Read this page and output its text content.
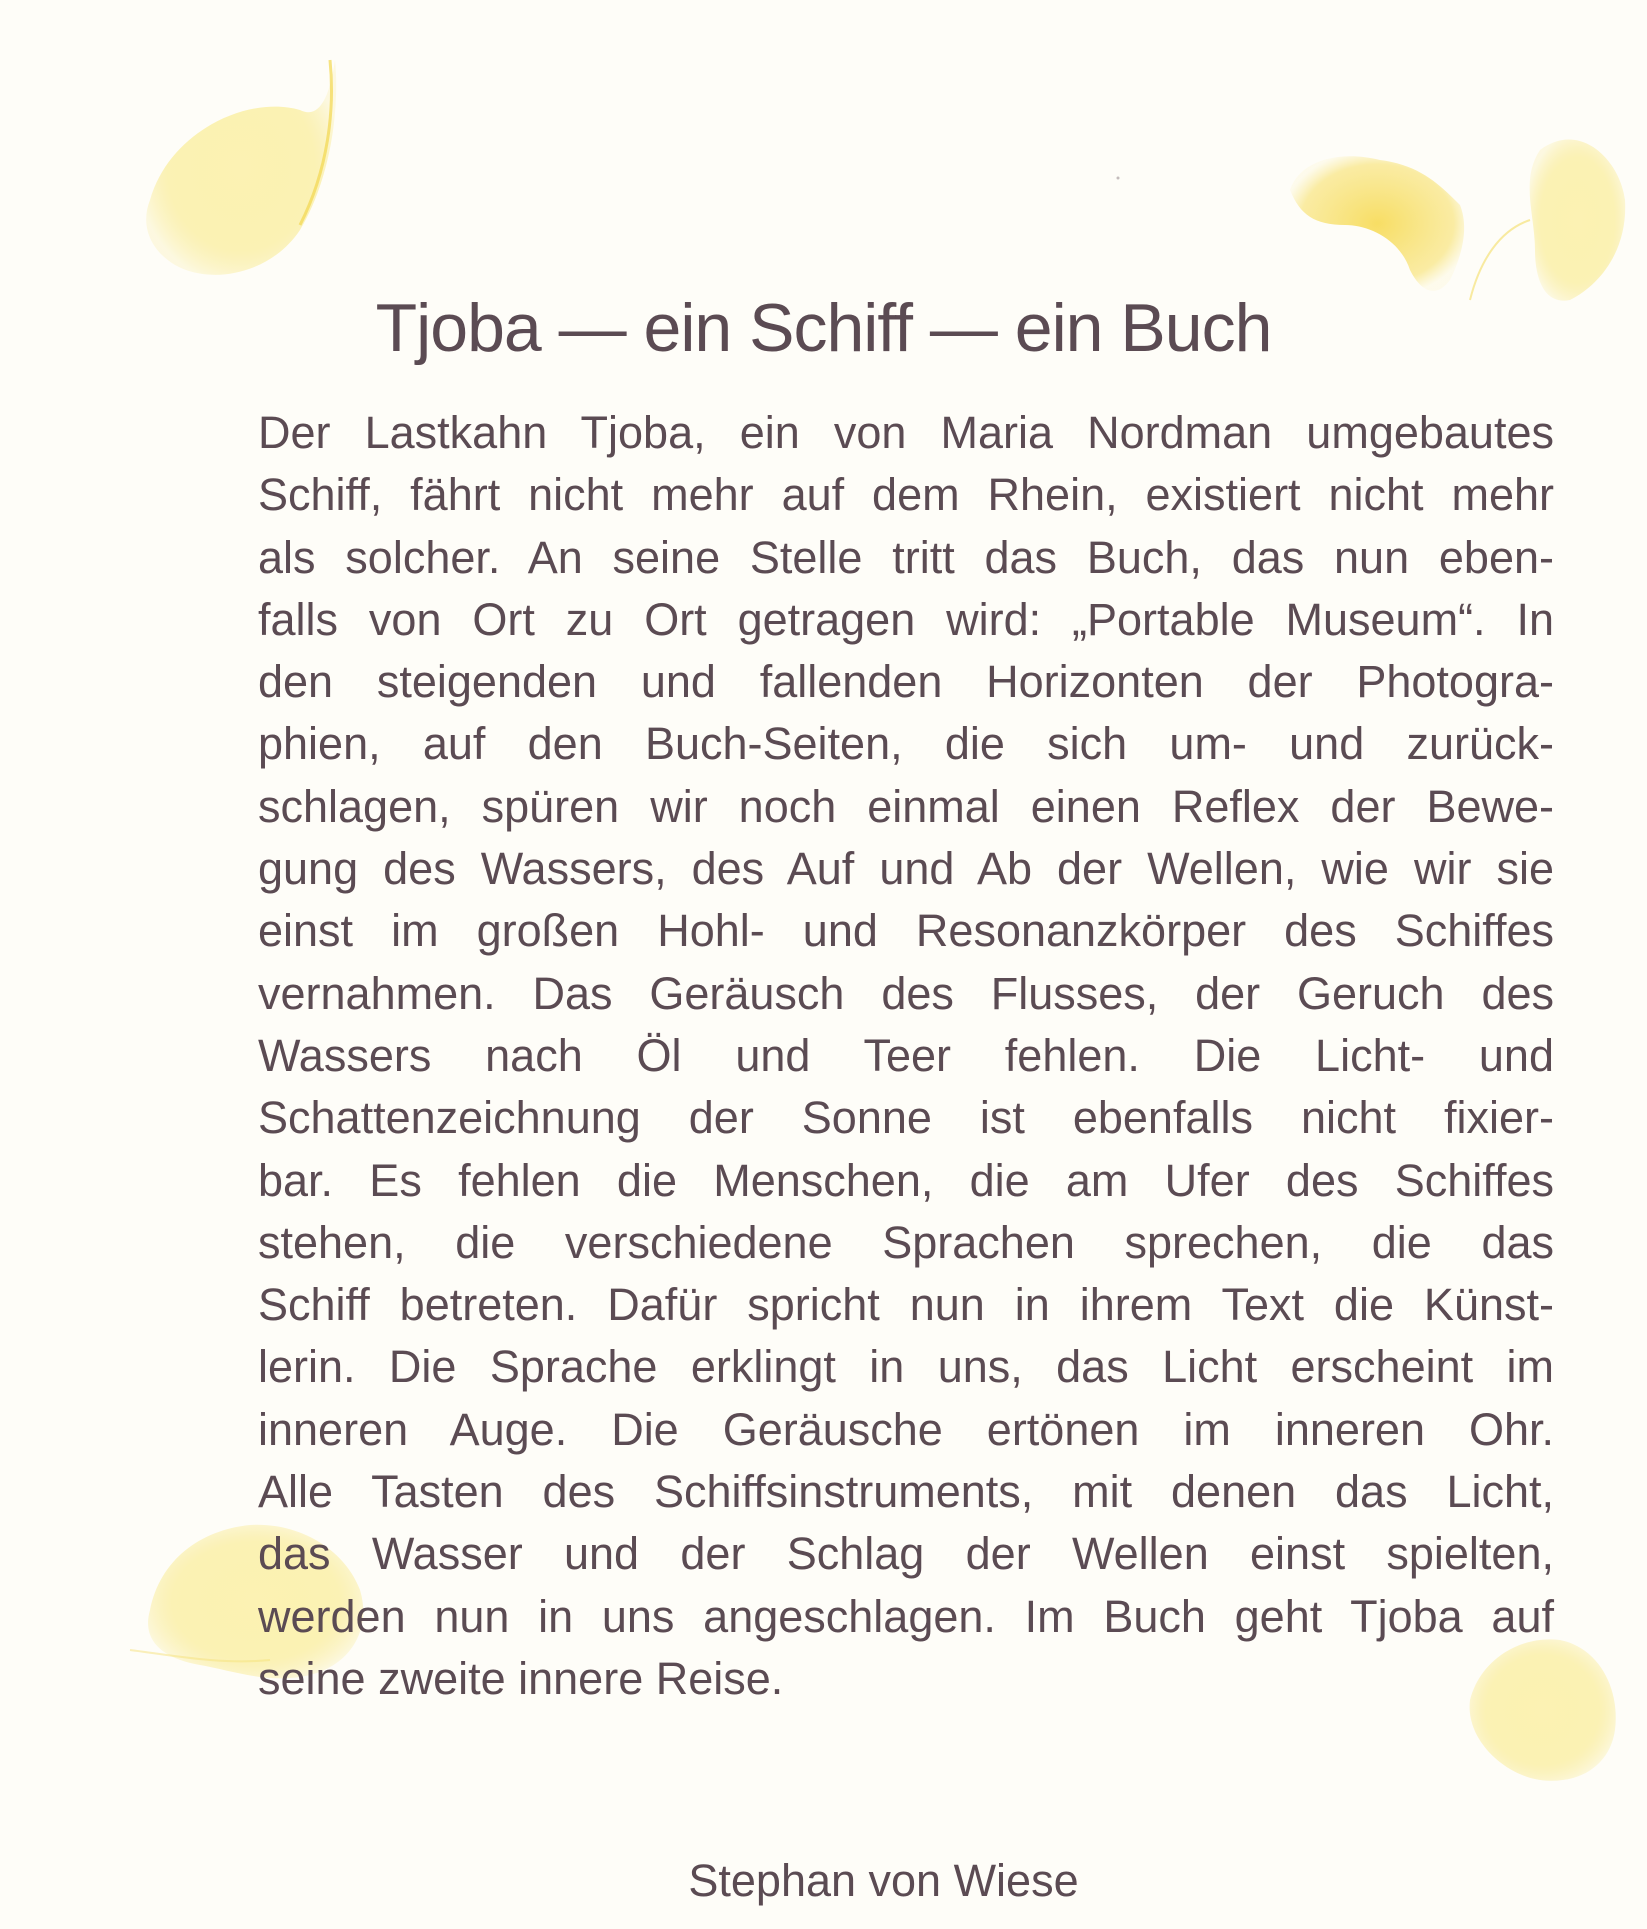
Tjoba — ein Schiff — ein Buch
Der Lastkahn Tjoba, ein von Maria Nordman umgebautes
Schiff, fährt nicht mehr auf dem Rhein, existiert nicht mehr
als solcher. An seine Stelle tritt das Buch, das nun eben-
falls von Ort zu Ort getragen wird: „Portable Museum“. In
den steigenden und fallenden Horizonten der Photogra-
phien, auf den Buch-Seiten, die sich um- und zurück-
schlagen, spüren wir noch einmal einen Reflex der Bewe-
gung des Wassers, des Auf und Ab der Wellen, wie wir sie
einst im großen Hohl- und Resonanzkörper des Schiffes
vernahmen. Das Geräusch des Flusses, der Geruch des
Wassers nach Öl und Teer fehlen. Die Licht- und
Schattenzeichnung der Sonne ist ebenfalls nicht fixier-
bar. Es fehlen die Menschen, die am Ufer des Schiffes
stehen, die verschiedene Sprachen sprechen, die das
Schiff betreten. Dafür spricht nun in ihrem Text die Künst-
lerin. Die Sprache erklingt in uns, das Licht erscheint im
inneren Auge. Die Geräusche ertönen im inneren Ohr.
Alle Tasten des Schiffsinstruments, mit denen das Licht,
das Wasser und der Schlag der Wellen einst spielten,
werden nun in uns angeschlagen. Im Buch geht Tjoba auf
seine zweite innere Reise.
Stephan von Wiese
